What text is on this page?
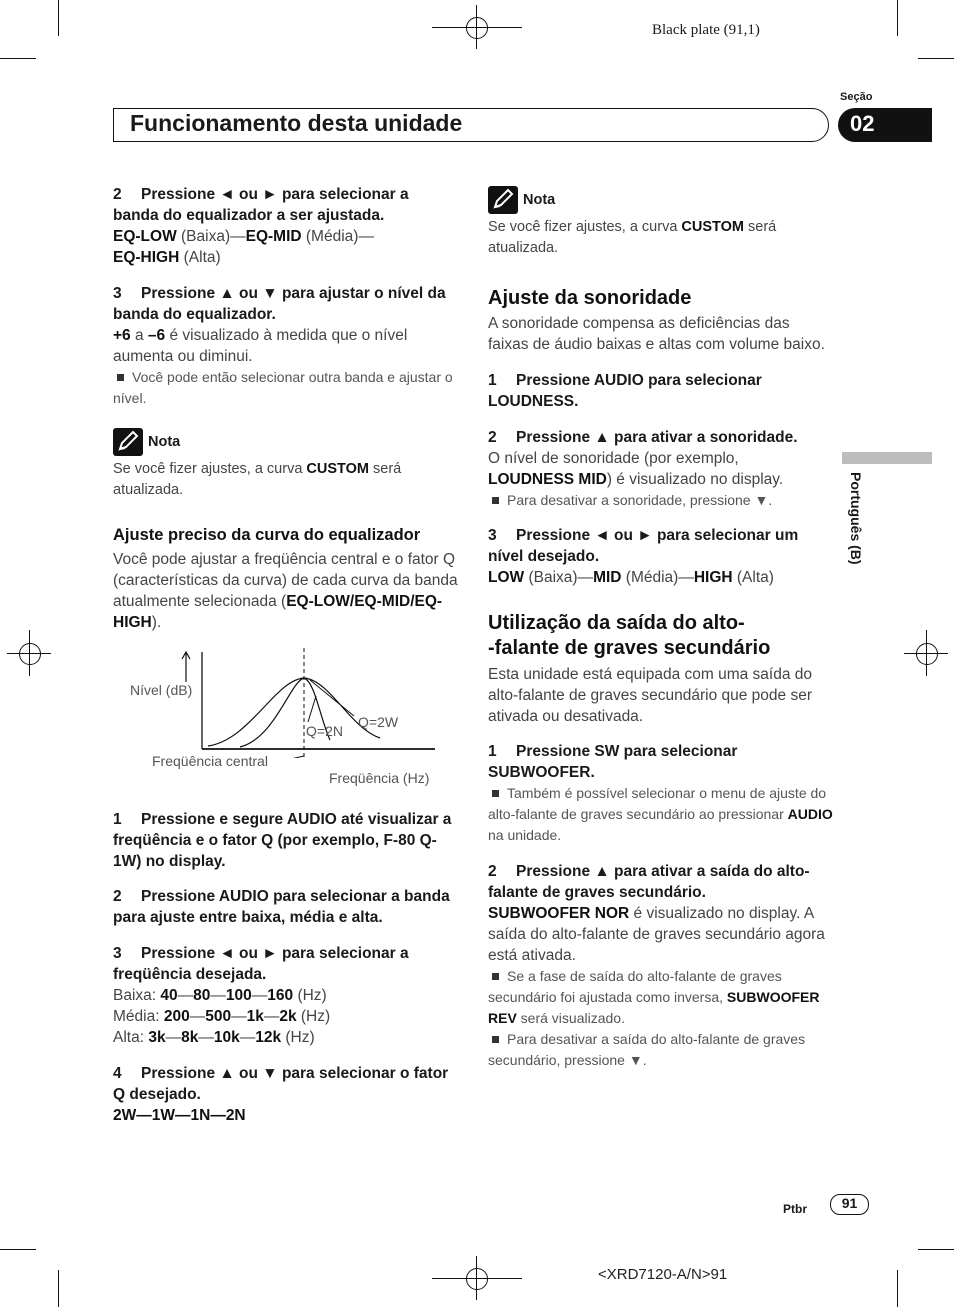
Black plate (91,1)
Seção
Funcionamento desta unidade	02
Português (B)

2 Pressione ◄ ou ► para selecionar a banda do equalizador a ser ajustada.

EQ-LOW (Baixa)—EQ-MID (Média)—
EQ-HIGH (Alta)

3 Pressione ▲ ou ▼ para ajustar o nível da banda do equalizador.

+6 a –6 é visualizado à medida que o nível aumenta ou diminui.

Você pode então selecionar outra banda e ajustar o nível.

Nota

Se você fizer ajustes, a curva CUSTOM será atualizada.

Ajuste preciso da curva do equalizador

Você pode ajustar a freqüência central e o fator Q (características da curva) de cada curva da banda atualmente selecionada (EQ-LOW/EQ-MID/EQ-HIGH).

Nível (dB)
Q=2N
Q=2W
Freqüência central
Freqüência (Hz)

1 Pressione e segure AUDIO até visualizar a freqüência e o fator Q (por exemplo, F-80 Q-1W) no display.

2 Pressione AUDIO para selecionar a banda para ajuste entre baixa, média e alta.

3 Pressione ◄ ou ► para selecionar a freqüência desejada.

Baixa: 40—80—100—160 (Hz)

Média: 200—500—1k—2k (Hz)

Alta: 3k—8k—10k—12k (Hz)

4 Pressione ▲ ou ▼ para selecionar o fator Q desejado.

2W—1W—1N—2N

Nota

Se você fizer ajustes, a curva CUSTOM será atualizada.

Ajuste da sonoridade

A sonoridade compensa as deficiências das faixas de áudio baixas e altas com volume baixo.

1 Pressione AUDIO para selecionar LOUDNESS.

2 Pressione ▲ para ativar a sonoridade.

O nível de sonoridade (por exemplo,
LOUDNESS MID) é visualizado no display.

Para desativar a sonoridade, pressione ▼.

3 Pressione ◄ ou ► para selecionar um nível desejado.

LOW (Baixa)—MID (Média)—HIGH (Alta)

Utilização da saída do alto-
-falante de graves secundário

Esta unidade está equipada com uma saída do alto-falante de graves secundário que pode ser ativada ou desativada.

1 Pressione SW para selecionar SUBWOOFER.

Também é possível selecionar o menu de ajuste do alto-falante de graves secundário ao pressionar AUDIO na unidade.

2 Pressione ▲ para ativar a saída do alto-falante de graves secundário.

SUBWOOFER NOR é visualizado no display. A saída do alto-falante de graves secundário agora está ativada.

Se a fase de saída do alto-falante de graves secundário foi ajustada como inversa, SUBWOOFER REV será visualizado.

Para desativar a saída do alto-falante de graves secundário, pressione ▼.

Ptbr	91
<XRD7120-A/N>91
